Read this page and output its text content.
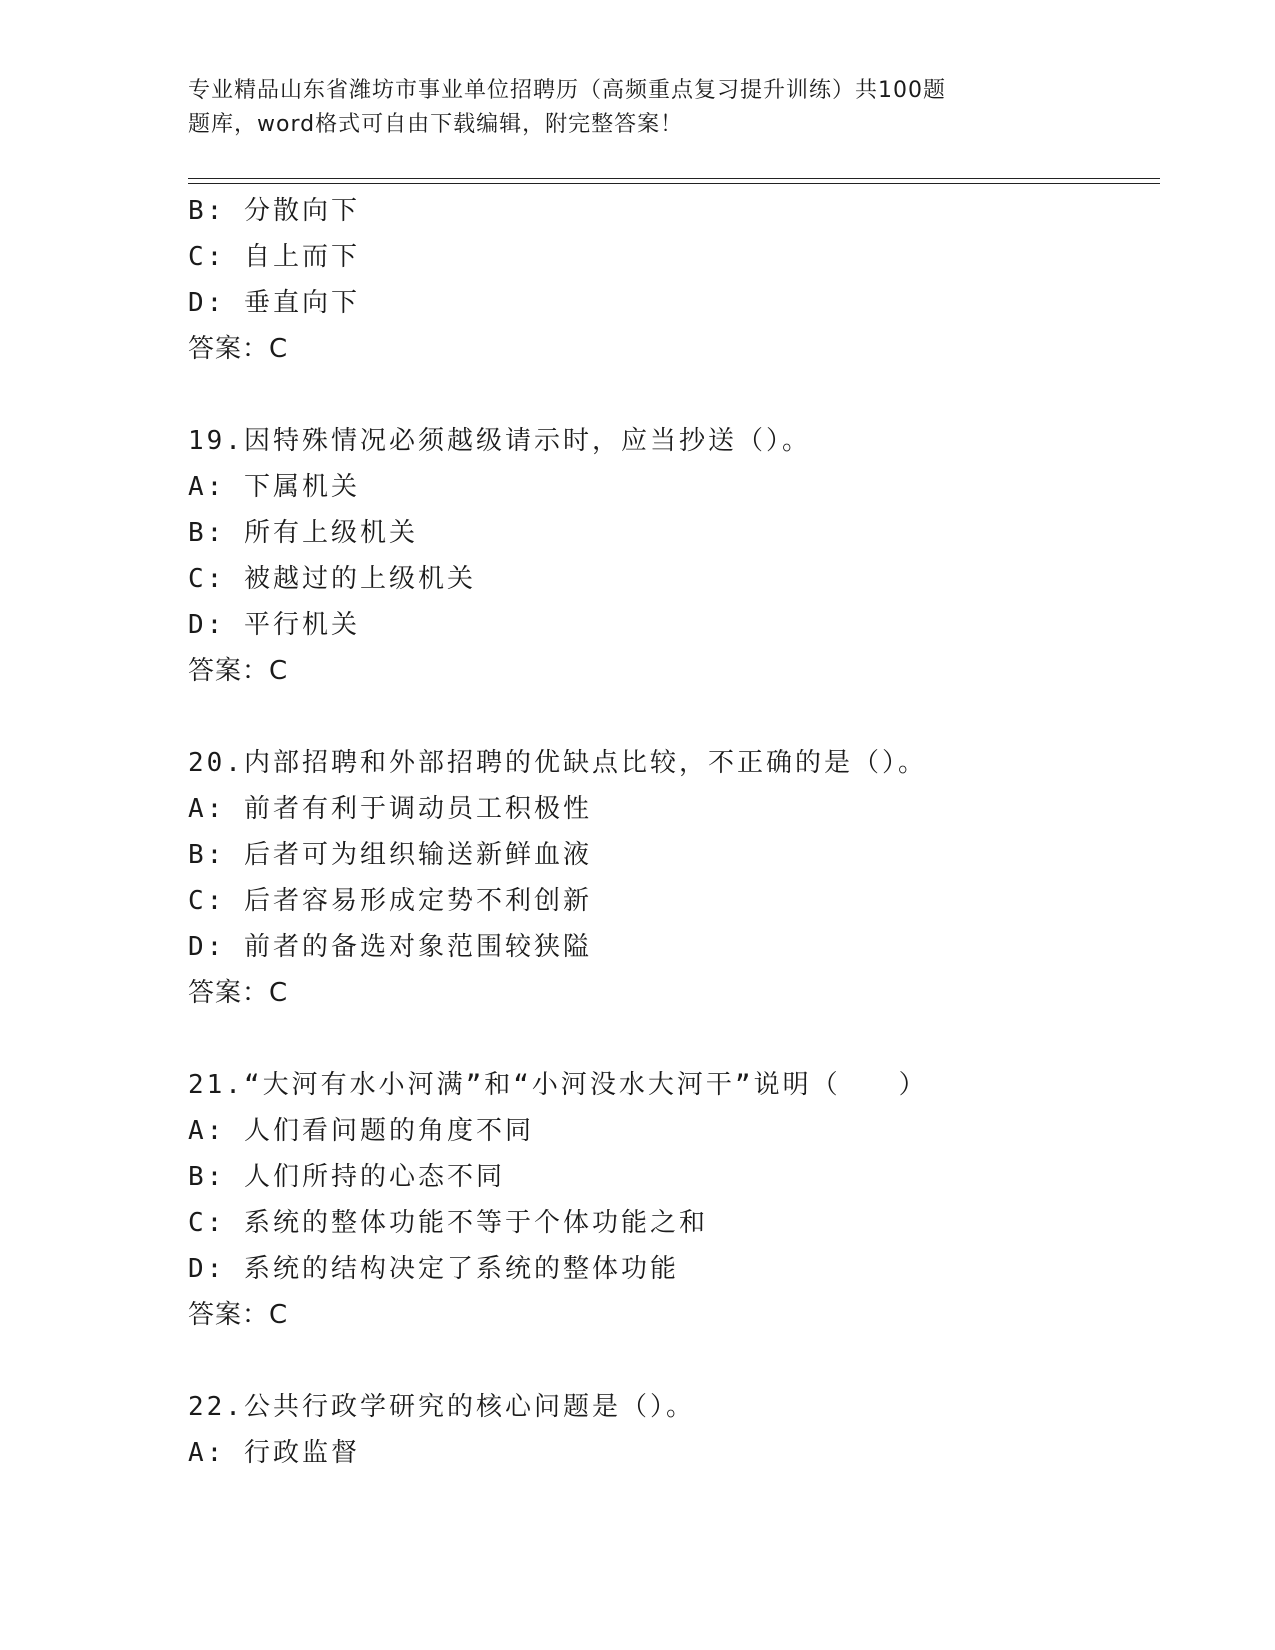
专业精品山东省潍坊市事业单位招聘历（高频重点复习提升训练）共100题
题库，word格式可自由下载编辑，附完整答案！
B: 分散向下
C: 自上而下
D: 垂直向下
答案：C
19.因特殊情况必须越级请示时，应当抄送（）。
A: 下属机关
B: 所有上级机关
C: 被越过的上级机关
D: 平行机关
答案：C
20.内部招聘和外部招聘的优缺点比较，不正确的是（）。
A: 前者有利于调动员工积极性
B: 后者可为组织输送新鲜血液
C: 后者容易形成定势不利创新
D: 前者的备选对象范围较狭隘
答案：C
21.“大河有水小河满”和“小河没水大河干”说明（　　）
A: 人们看问题的角度不同
B: 人们所持的心态不同
C: 系统的整体功能不等于个体功能之和
D: 系统的结构决定了系统的整体功能
答案：C
22.公共行政学研究的核心问题是（）。
A: 行政监督
